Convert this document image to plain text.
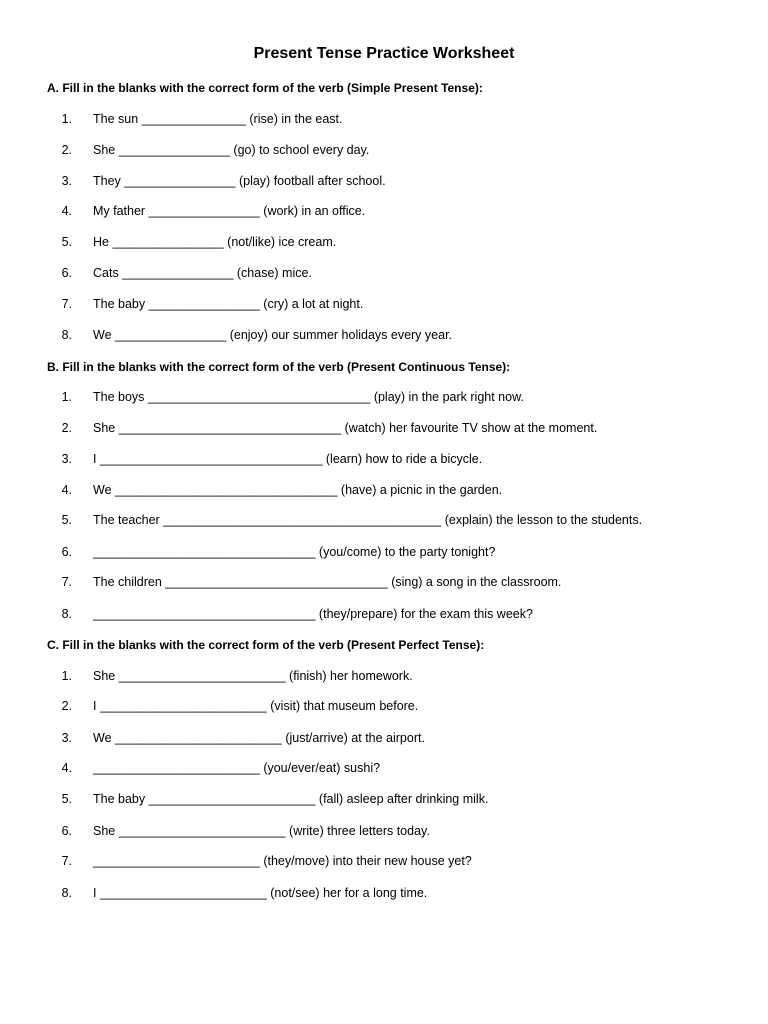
Present Tense Practice Worksheet
A. Fill in the blanks with the correct form of the verb (Simple Present Tense):
1. The sun _______________ (rise) in the east.
2. She ________________ (go) to school every day.
3. They ________________ (play) football after school.
4. My father ________________ (work) in an office.
5. He ________________ (not/like) ice cream.
6. Cats ________________ (chase) mice.
7. The baby ________________ (cry) a lot at night.
8. We ________________ (enjoy) our summer holidays every year.
B. Fill in the blanks with the correct form of the verb (Present Continuous Tense):
1. The boys ________________________________ (play) in the park right now.
2. She ________________________________ (watch) her favourite TV show at the moment.
3. I ________________________________ (learn) how to ride a bicycle.
4. We ________________________________ (have) a picnic in the garden.
5. The teacher ________________________________________ (explain) the lesson to the students.
6. ________________________________ (you/come) to the party tonight?
7. The children ________________________________ (sing) a song in the classroom.
8. ________________________________ (they/prepare) for the exam this week?
C. Fill in the blanks with the correct form of the verb (Present Perfect Tense):
1. She ________________________ (finish) her homework.
2. I ________________________ (visit) that museum before.
3. We ________________________ (just/arrive) at the airport.
4. ________________________ (you/ever/eat) sushi?
5. The baby ________________________ (fall) asleep after drinking milk.
6. She ________________________ (write) three letters today.
7. ________________________ (they/move) into their new house yet?
8. I ________________________ (not/see) her for a long time.
